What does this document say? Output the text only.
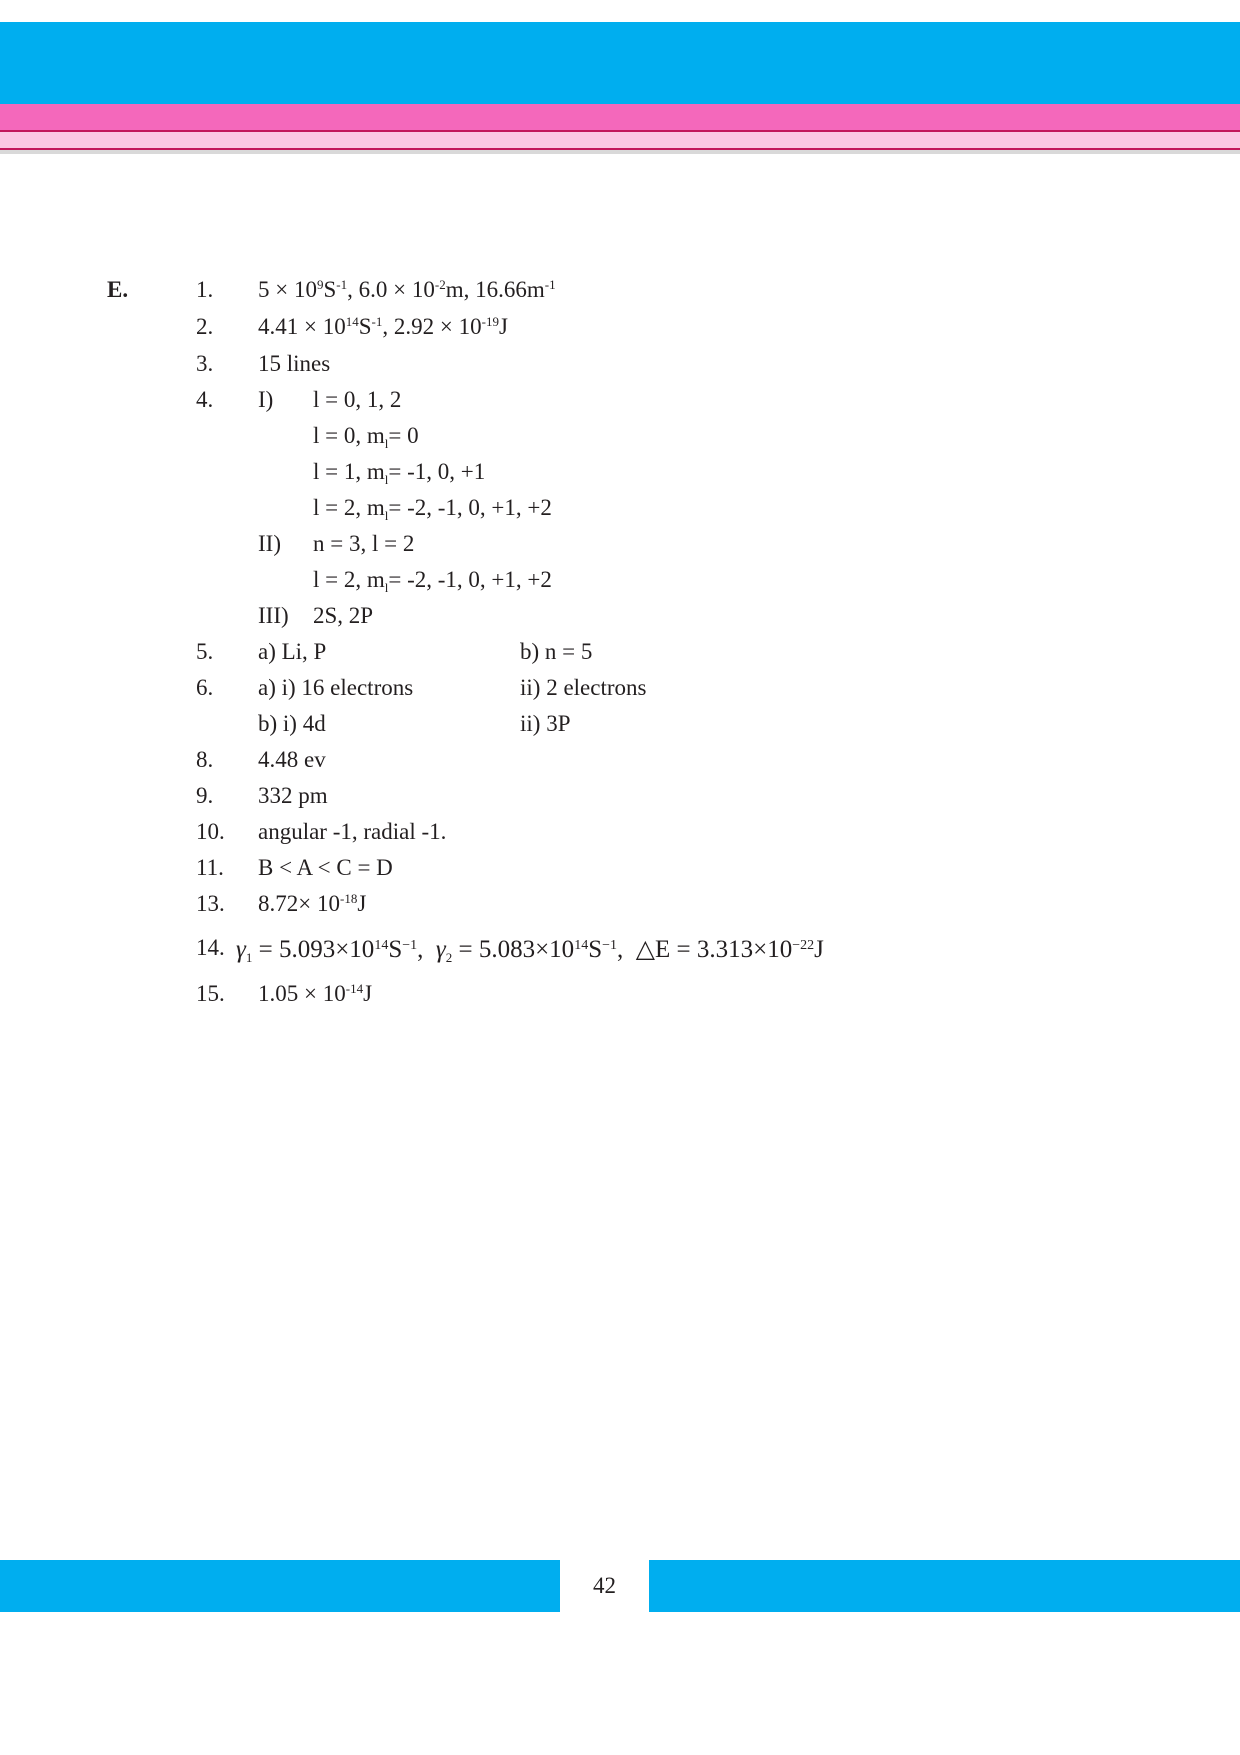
E.	1. $5 \times 10^9S^{-1}$, $6.0 \times 10^{-2}m$, $16.66m^{-1}$
2. $4.41 \times 10^{14}S^{-1}$, $2.92 \times 10^{-19}J$
3. 15 lines
4. I) l = 0, 1, 2
l = 0, $m_l= 0$
l = 1, $m_l= -1$, 0, +1
l = 2, $m_l= -2$, -1, 0, +1, +2
II) n = 3, l = 2
l = 2, $m_l= -2$, -1, 0, +1, +2
III) 2S, 2P
5. a) Li, P	b) n = 5
6. a) i) 16 electrons	ii) 2 electrons
b) i) 4d	ii) 3P
8. 4.48 ev
9. 332 pm
10. angular -1, radial -1.
11. B < A < C = D
13. $8.72\times 10^{-18}J$
14. $\gamma_1 = 5.093\times 10^{14}S^{-1}$,  $\gamma_2 = 5.083\times 10^{14}S^{-1}$,  △E = $3.313\times 10^{-22}J$
15. $1.05 \times 10^{-14}J$
42
